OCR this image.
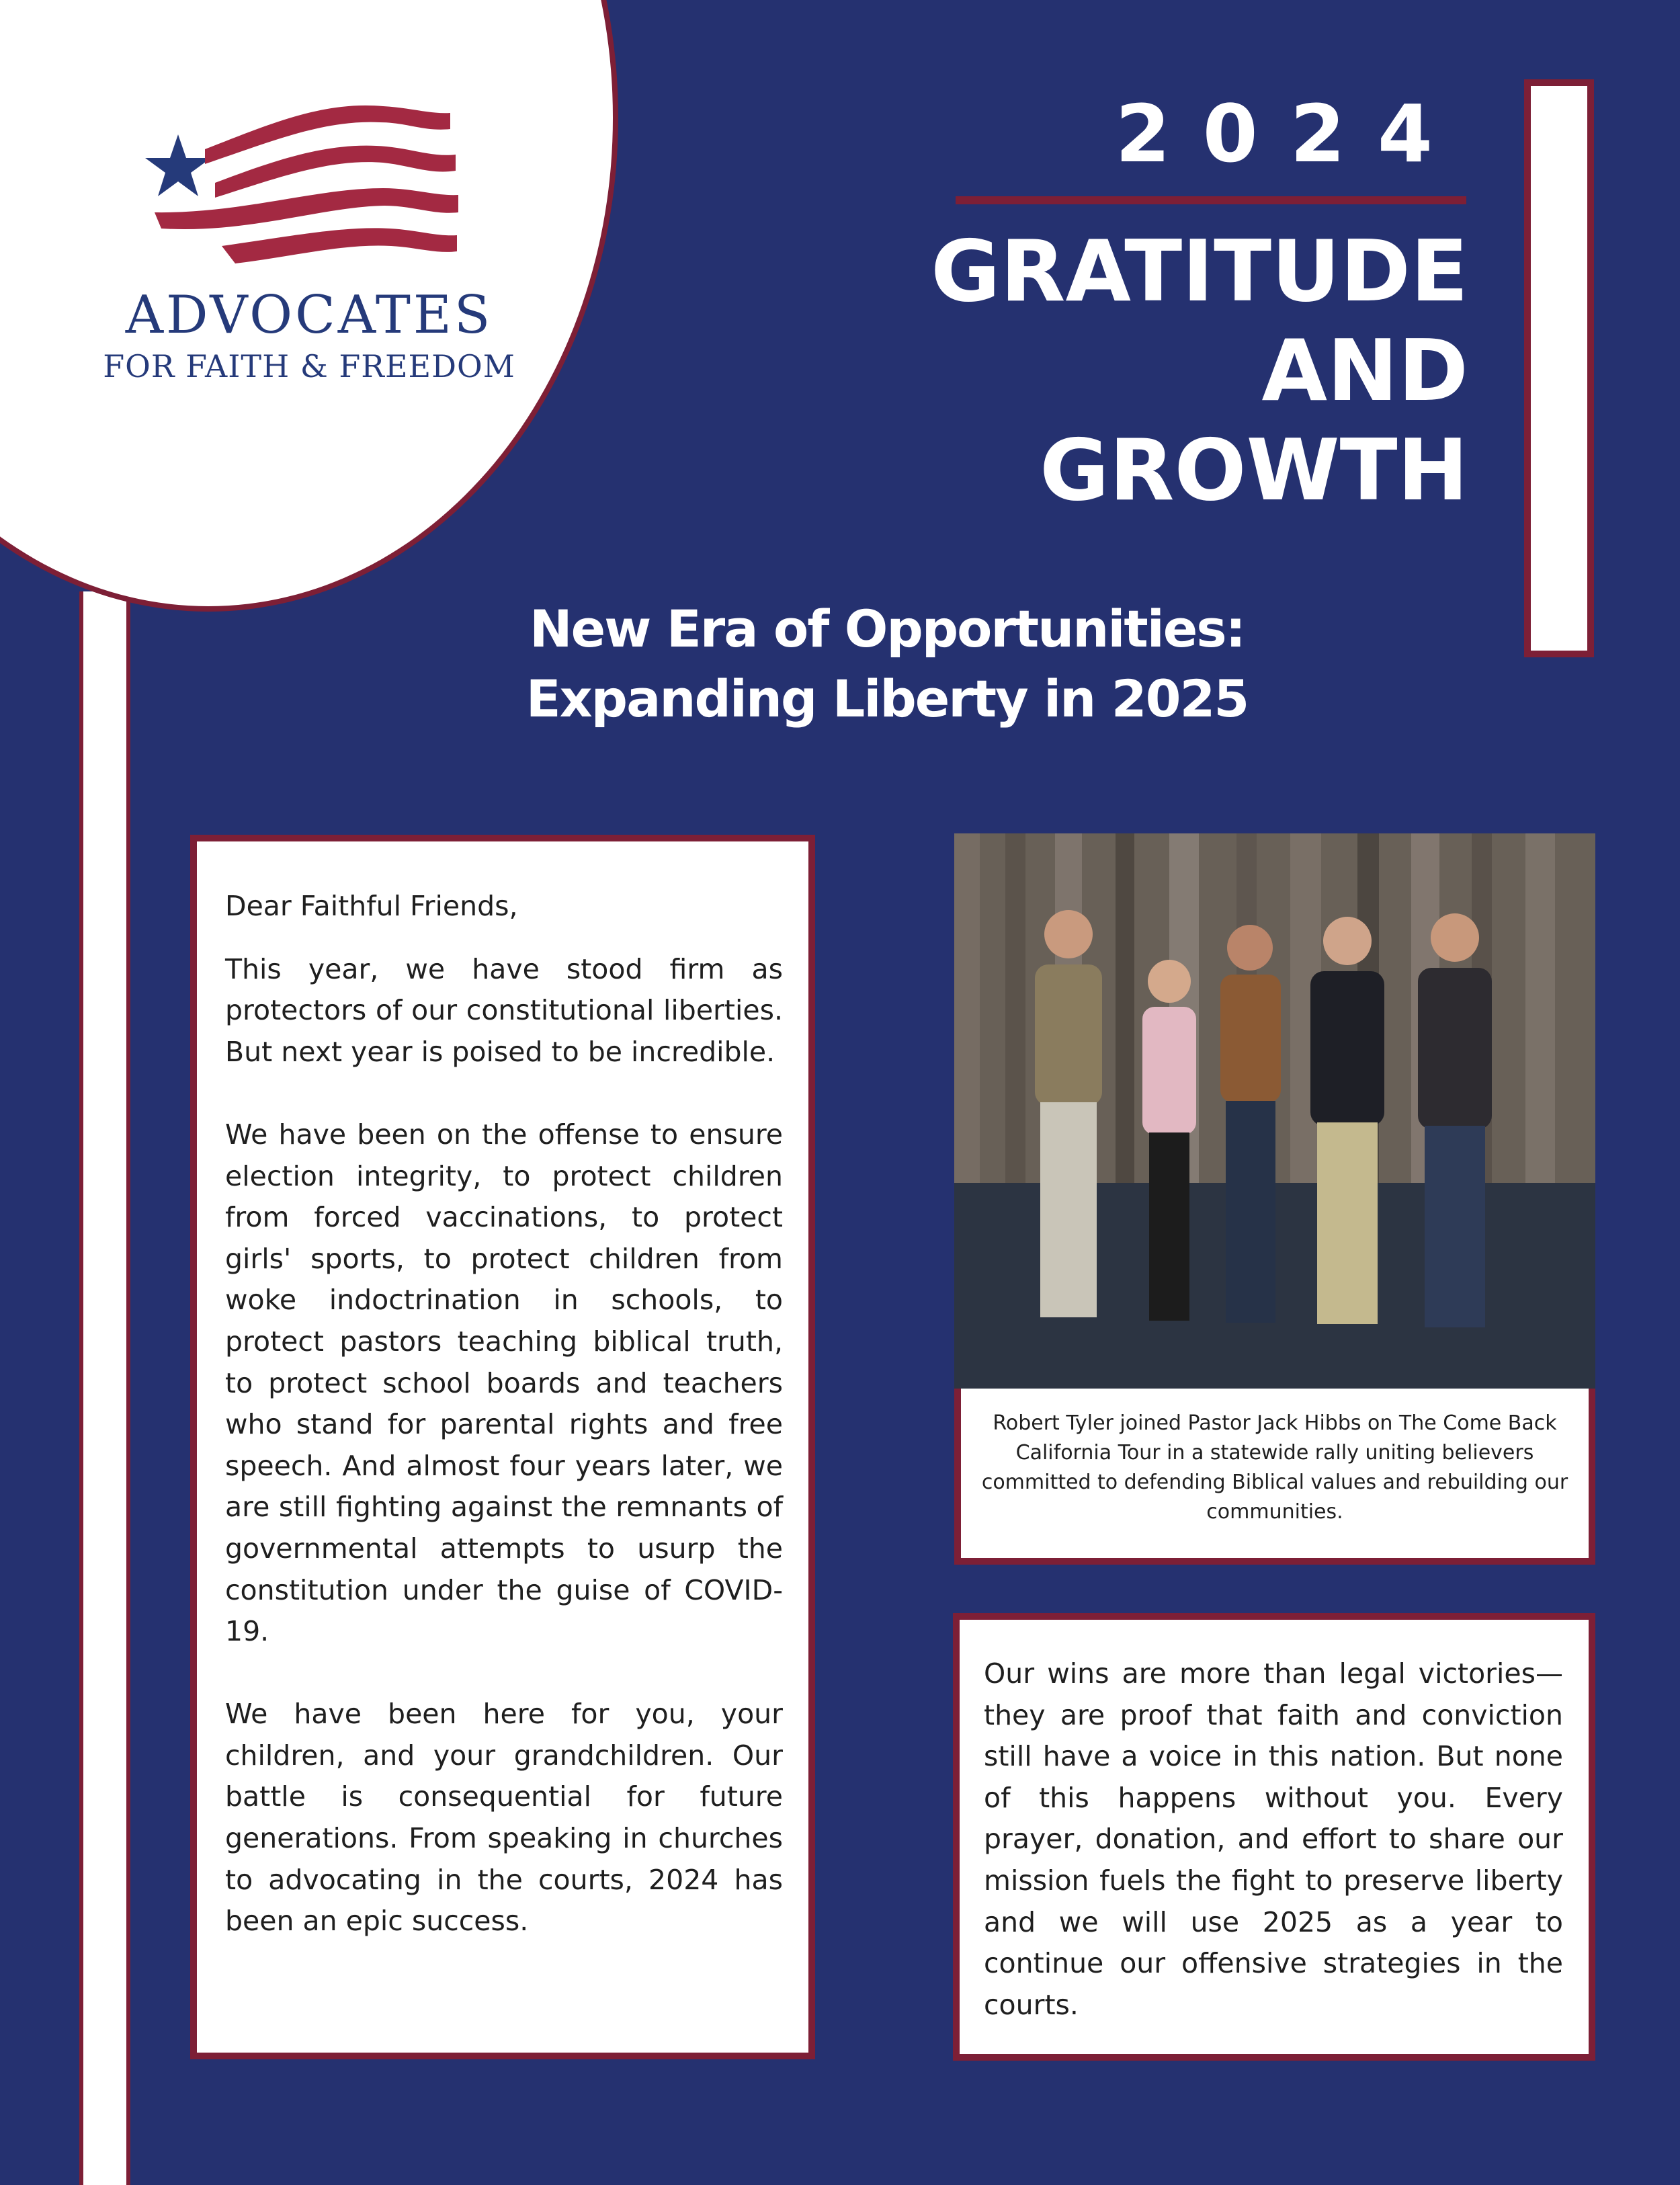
ADVOCATES
FOR FAITH & FREEDOM
2024
GRATITUDE
AND
GROWTH
New Era of Opportunities:
Expanding Liberty in 2025

Dear Faithful Friends,

This year, we have stood firm as protectors of our constitutional liberties. But next year is poised to be incredible.

We have been on the offense to ensure election integrity, to protect children from forced vaccinations, to protect girls' sports, to protect children from woke indoctrination in schools, to protect pastors teaching biblical truth, to protect school boards and teachers who stand for parental rights and free speech. And almost four years later, we are still fighting against the remnants of governmental attempts to usurp the constitution under the guise of COVID-19.

We have been here for you, your children, and your grandchildren. Our battle is consequential for future generations. From speaking in churches to advocating in the courts, 2024 has been an epic success.

Robert Tyler joined Pastor Jack Hibbs on The Come Back California Tour in a statewide rally uniting believers committed to defending Biblical values and rebuilding our communities.

Our wins are more than legal victories—they are proof that faith and conviction still have a voice in this nation. But none of this happens without you. Every prayer, donation, and effort to share our mission fuels the fight to preserve liberty and we will use 2025 as a year to continue our offensive strategies in the courts.
